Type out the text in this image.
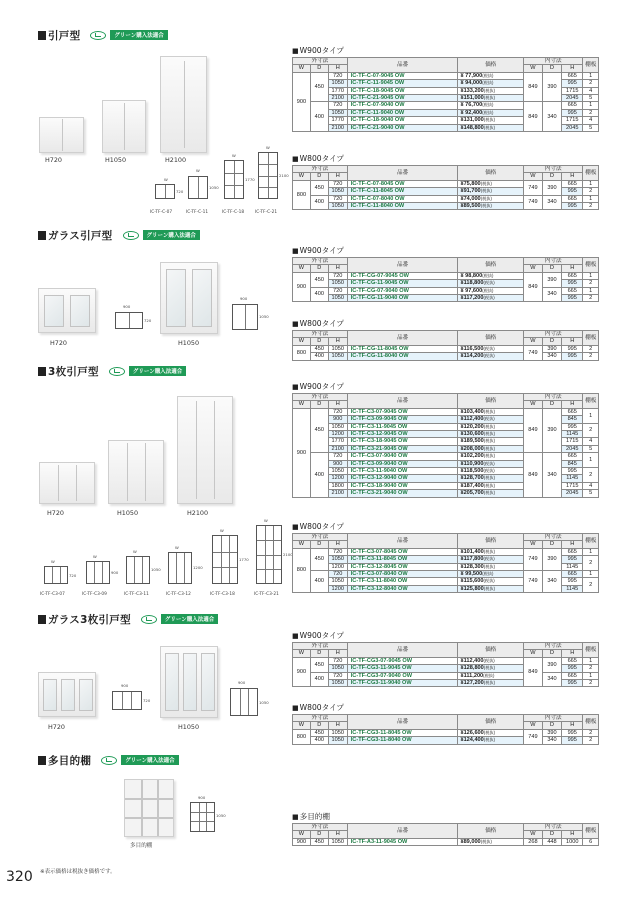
引戸型	グリーン購入法適合
H720	H1050	H2100
W
720
W
1050
W
1770
W
2100
IC-TF-C-07	IC-TF-C-11	IC-TF-C-18	IC-TF-C-21
■ W900タイプ
外寸法			品番	価格	内寸法			棚板
W	D	H			W	D	H	
900	450	720	IC-TF-C-07-9045 OW	¥ 77,900(税抜)	849	390	665	1
		1050	IC-TF-C-11-9045 OW	¥ 94,000(税抜)			995	2
		1770	IC-TF-C-18-9045 OW	¥133,200(税抜)			1715	4
		2100	IC-TF-C-21-9045 OW	¥151,000(税抜)			2045	5
	400	720	IC-TF-C-07-9040 OW	¥ 76,700(税抜)	849	340	665	1
		1050	IC-TF-C-11-9040 OW	¥ 92,400(税抜)			995	2
		1770	IC-TF-C-18-9040 OW	¥131,000(税抜)			1715	4
		2100	IC-TF-C-21-9040 OW	¥148,800(税抜)			2045	5
■ W800タイプ
外寸法			品番	価格	内寸法			棚板
W	D	H			W	D	H	
800	450	720	IC-TF-C-07-8045 OW	¥75,800(税抜)	749	390	665	1
		1050	IC-TF-C-11-8045 OW	¥91,700(税抜)			995	2
	400	720	IC-TF-C-07-8040 OW	¥74,000(税抜)	749	340	665	1
		1050	IC-TF-C-11-8040 OW	¥89,500(税抜)			995	2
ガラス引戸型	グリーン購入法適合
H720	H1050
900
720
900
1050
■ W900タイプ
外寸法			品番	価格	内寸法			棚板
W	D	H			W	D	H	
900	450	720	IC-TF-CG-07-9045 OW	¥ 98,800(税抜)	849	390	665	1
		1050	IC-TF-CG-11-9045 OW	¥118,800(税抜)			995	2
	400	720	IC-TF-CG-07-9040 OW	¥ 97,600(税抜)		340	665	1
		1050	IC-TF-CG-11-9040 OW	¥117,200(税抜)			995	2
■ W800タイプ
外寸法			品番	価格	内寸法			棚板
W	D	H			W	D	H	
800	450	1050	IC-TF-CG-11-8045 OW	¥116,500(税抜)	749	390	995	2
	400	1050	IC-TF-CG-11-8040 OW	¥114,200(税抜)		340	995	2
3枚引戸型	グリーン購入法適合
H720	H1050	H2100
W
720
W
900
W
1050
W
1200
W
1770
W
2100
IC-TF-C3-07	IC-TF-C3-09	IC-TF-C3-11	IC-TF-C3-12	IC-TF-C3-18	IC-TF-C3-21
■ W900タイプ
外寸法			品番	価格	内寸法			棚板
W	D	H			W	D	H	
900	450	720	IC-TF-C3-07-9045 OW	¥103,400(税抜)	849	390	665	1
		900	IC-TF-C3-09-9045 OW	¥112,400(税抜)			845	
		1050	IC-TF-C3-11-9045 OW	¥120,200(税抜)			995	2
		1200	IC-TF-C3-12-9045 OW	¥130,600(税抜)			1145	
		1770	IC-TF-C3-18-9045 OW	¥189,500(税抜)			1715	4
		2100	IC-TF-C3-21-9045 OW	¥208,000(税抜)			2045	5
	400	720	IC-TF-C3-07-9040 OW	¥102,200(税抜)	849	340	665	1
		900	IC-TF-C3-09-9040 OW	¥110,900(税抜)			845	
		1050	IC-TF-C3-11-9040 OW	¥118,500(税抜)			995	2
		1200	IC-TF-C3-12-9040 OW	¥128,700(税抜)			1145	
		1800	IC-TF-C3-18-9040 OW	¥187,400(税抜)			1715	4
		2100	IC-TF-C3-21-9040 OW	¥205,700(税抜)			2045	5
■ W800タイプ
外寸法			品番	価格	内寸法			棚板
W	D	H			W	D	H	
800	450	720	IC-TF-C3-07-8045 OW	¥101,400(税抜)	749	390	665	1
		1050	IC-TF-C3-11-8045 OW	¥117,800(税抜)			995	2
		1200	IC-TF-C3-12-8045 OW	¥128,300(税抜)			1145	
	400	720	IC-TF-C3-07-8040 OW	¥ 99,500(税抜)	749	340	665	1
		1050	IC-TF-C3-11-8040 OW	¥115,600(税抜)			995	2
		1200	IC-TF-C3-12-8040 OW	¥125,800(税抜)			1145	
ガラス3枚引戸型	グリーン購入法適合
H720	H1050
900
720
900
1050
■ W900タイプ
外寸法			品番	価格	内寸法			棚板
W	D	H			W	D	H	
900	450	720	IC-TF-CG3-07-9045 OW	¥112,400(税抜)	849	390	665	1
		1050	IC-TF-CG3-11-9045 OW	¥128,800(税抜)			995	2
	400	720	IC-TF-CG3-07-9040 OW	¥111,200(税抜)		340	665	1
		1050	IC-TF-CG3-11-9040 OW	¥127,200(税抜)			995	2
■ W800タイプ
外寸法			品番	価格	内寸法			棚板
W	D	H			W	D	H	
800	450	1050	IC-TF-CG3-11-8045 OW	¥126,600(税抜)	749	390	995	2
	400	1050	IC-TF-CG3-11-8040 OW	¥124,400(税抜)		340	995	2
多目的棚	グリーン購入法適合
多目的棚
900
1050	■ 多目的棚
外寸法			品番	価格	内寸法			棚板
W	D	H			W	D	H	
900	450	1050	IC-TF-A3-11-9045 OW	¥89,000(税抜)	268	448	1000	6
320 ※表示価格は税抜き価格です。
